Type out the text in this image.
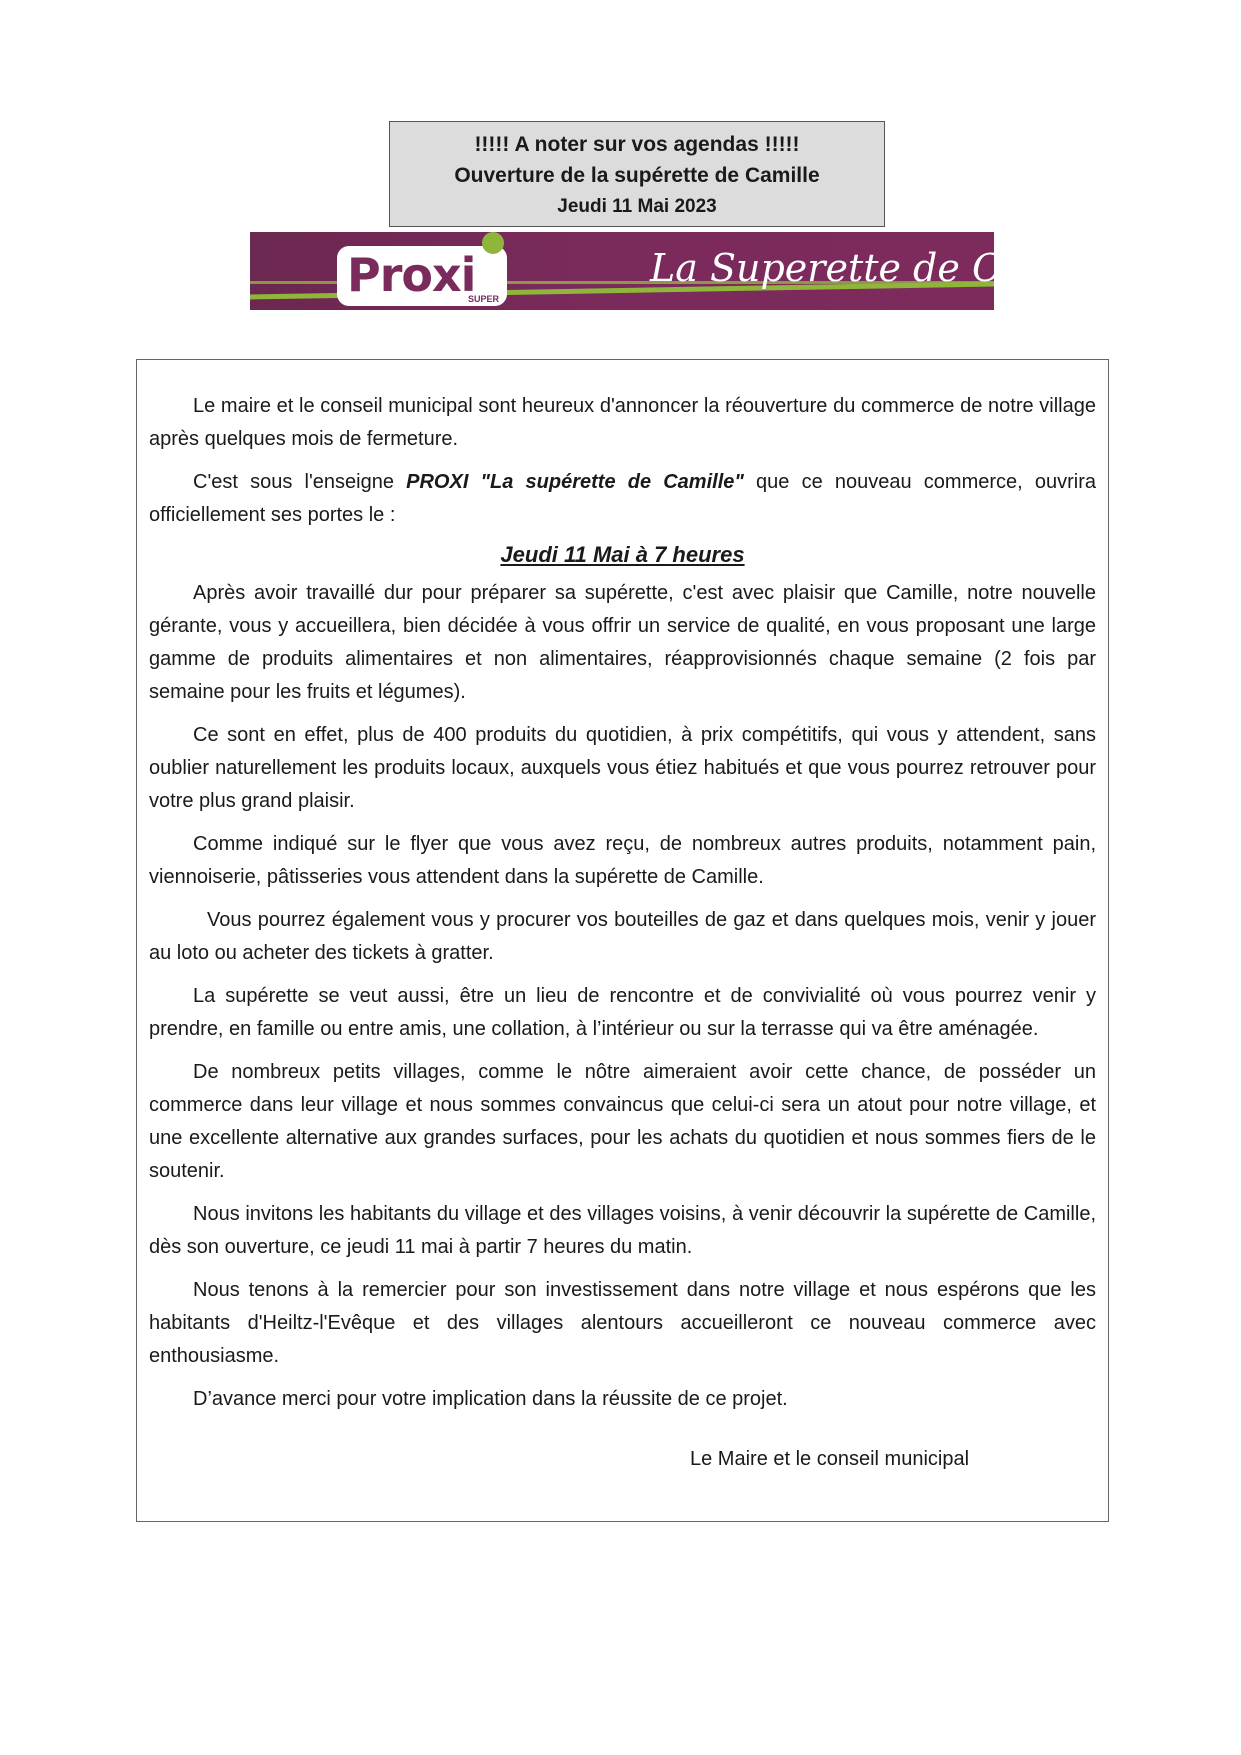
!!!!! A noter sur vos agendas !!!!!
Ouverture de la supérette de Camille
Jeudi 11 Mai 2023
Proxi
SUPER
La Superette de Camille

Le maire et le conseil municipal sont heureux d'annoncer la réouverture du commerce de notre village après quelques mois de fermeture.

C'est sous l'enseigne PROXI "La supérette de Camille" que ce nouveau commerce, ouvrira officiellement ses portes le :

Jeudi 11 Mai à 7 heures

Après avoir travaillé dur pour préparer sa supérette, c'est avec plaisir que Camille, notre nouvelle gérante, vous y accueillera, bien décidée à vous offrir un service de qualité, en vous proposant une large gamme de produits alimentaires et non alimentaires, réapprovisionnés chaque semaine (2 fois par semaine pour les fruits et légumes).

Ce sont en effet, plus de 400 produits du quotidien, à prix compétitifs, qui vous y attendent, sans oublier naturellement les produits locaux, auxquels vous étiez habitués et que vous pourrez retrouver pour votre plus grand plaisir.

Comme indiqué sur le flyer que vous avez reçu, de nombreux autres produits, notamment pain, viennoiserie, pâtisseries vous attendent dans la supérette de Camille.

Vous pourrez également vous y procurer vos bouteilles de gaz et dans quelques mois, venir y jouer au loto ou acheter des tickets à gratter.

La supérette se veut aussi, être un lieu de rencontre et de convivialité où vous pourrez venir y prendre, en famille ou entre amis, une collation, à l’intérieur ou sur la terrasse qui va être aménagée.

De nombreux petits villages, comme le nôtre aimeraient avoir cette chance, de posséder un commerce dans leur village et nous sommes convaincus que celui-ci sera un atout pour notre village, et une excellente alternative aux grandes surfaces, pour les achats du quotidien et nous sommes fiers de le soutenir.

Nous invitons les habitants du village et des villages voisins, à venir découvrir la supérette de Camille, dès son ouverture, ce jeudi 11 mai à partir 7 heures du matin.

Nous tenons à la remercier pour son investissement dans notre village et nous espérons que les habitants d'Heiltz-l'Evêque et des villages alentours accueilleront ce nouveau commerce avec enthousiasme.

D’avance merci pour votre implication dans la réussite de ce projet.

Le Maire et le conseil municipal
